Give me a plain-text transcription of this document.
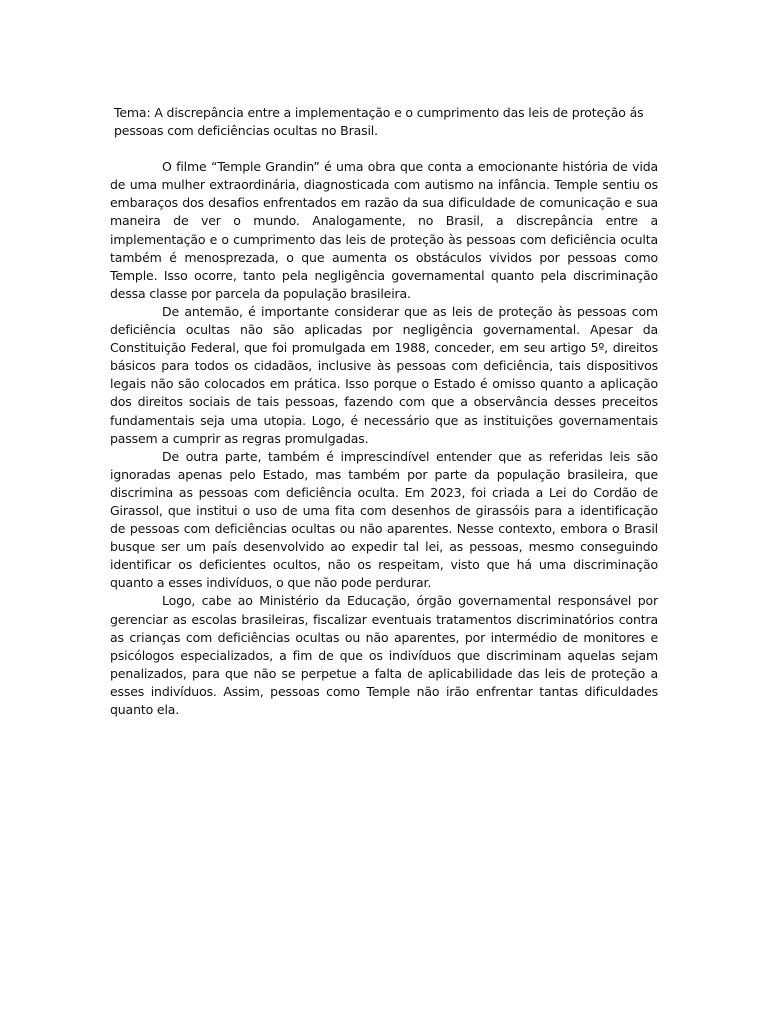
Tema: A discrepância entre a implementação e o cumprimento das leis de proteção ás pessoas com deficiências ocultas no Brasil.

O filme “Temple Grandin” é uma obra que conta a emocionante história de vida de uma mulher extraordinária, diagnosticada com autismo na infância. Temple sentiu os embaraços dos desafios enfrentados em razão da sua dificuldade de comunicação e sua maneira de ver o mundo. Analogamente, no Brasil, a discrepância entre a implementação e o cumprimento das leis de proteção às pessoas com deficiência oculta também é menosprezada, o que aumenta os obstáculos vividos por pessoas como Temple. Isso ocorre, tanto pela negligência governamental quanto pela discriminação dessa classe por parcela da população brasileira.

De antemão, é importante considerar que as leis de proteção às pessoas com deficiência ocultas não são aplicadas por negligência governamental. Apesar da Constituição Federal, que foi promulgada em 1988, conceder, em seu artigo 5º, direitos básicos para todos os cidadãos, inclusive às pessoas com deficiência, tais dispositivos legais não são colocados em prática. Isso porque o Estado é omisso quanto a aplicação dos direitos sociais de tais pessoas, fazendo com que a observância desses preceitos fundamentais seja uma utopia. Logo, é necessário que as instituições governamentais passem a cumprir as regras promulgadas.

De outra parte, também é imprescindível entender que as referidas leis são ignoradas apenas pelo Estado, mas também por parte da população brasileira, que discrimina as pessoas com deficiência oculta. Em 2023, foi criada a Lei do Cordão de Girassol, que institui o uso de uma fita com desenhos de girassóis para a identificação de pessoas com deficiências ocultas ou não aparentes. Nesse contexto, embora o Brasil busque ser um país desenvolvido ao expedir tal lei, as pessoas, mesmo conseguindo identificar os deficientes ocultos, não os respeitam, visto que há uma discriminação quanto a esses indivíduos, o que não pode perdurar.

Logo, cabe ao Ministério da Educação, órgão governamental responsável por gerenciar as escolas brasileiras, fiscalizar eventuais tratamentos discriminatórios contra as crianças com deficiências ocultas ou não aparentes, por intermédio de monitores e psicólogos especializados, a fim de que os indivíduos que discriminam aquelas sejam penalizados, para que não se perpetue a falta de aplicabilidade das leis de proteção a esses indivíduos. Assim, pessoas como Temple não irão enfrentar tantas dificuldades quanto ela.
